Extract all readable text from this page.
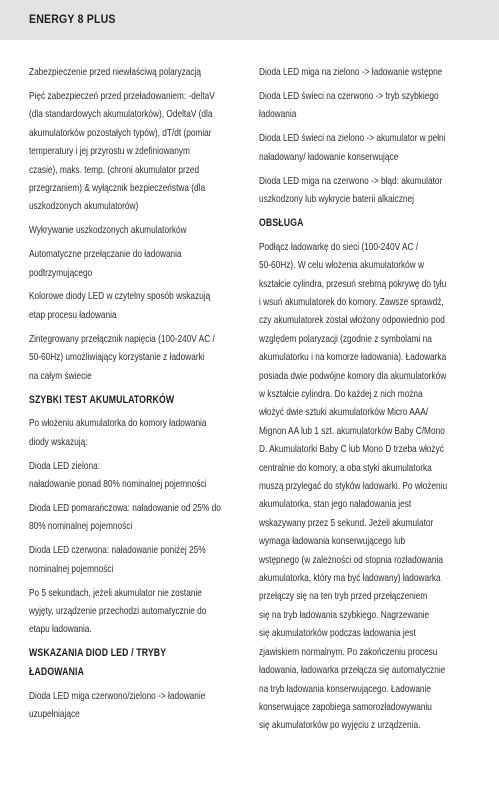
ENERGY 8 PLUS
Zabezpieczenie przed niewłaściwą polaryzacją
Pięć zabezpieczeń przed przeładowaniem: -deltaV
(dla standardowych akumulatorków), OdeltaV (dla
akumulatorków pozostałych typów), dT/dt (pomiar
temperatury i jej przyrostu w zdefiniowanym
czasie), maks. temp. (chroni akumulator przed
przegrzaniem) & wyłącznik bezpieczeństwa (dla
uszkodzonych akumulatorów)
Wykrywanie uszkodzonych akumulatorków
Automatyczne przełączanie do ładowania
podtrzymującego
Kolorowe diody LED w czytelny sposób wskazują
etap procesu ładowania
Zintegrowany przełącznik napięcia (100-240V AC /
50-60Hz) umożliwiający korzystanie z ładowarki
na całym świecie
SZYBKI TEST AKUMULATORKÓW
Po włożeniu akumulatorka do komory ładowania
diody wskazują:
Dioda LED zielona:
naładowanie ponad 80% nominalnej pojemności
Dioda LED pomarańczowa: naładowanie od 25% do
80% nominalnej pojemności
Dioda LED czerwona: naładowanie poniżej 25%
nominalnej pojemności
Po 5 sekundach, jeżeli akumulator nie zostanie
wyjęty, urządzenie przechodzi automatycznie do
etapu ładowania.
WSKAZANIA DIOD LED / TRYBY
ŁADOWANIA
Dioda LED miga czerwono/zielono -> ładowanie
uzupełniające
Dioda LED miga na zielono -> ładowanie wstępne
Dioda LED świeci na czerwono -> tryb szybkiego
ładowania
Dioda LED świeci na zielono -> akumulator w pełni
naładowany/ ładowanie konserwujące
Dioda LED miga na czerwono -> błąd: akumulator
uszkodzony lub wykrycie baterii alkaicznej
OBSŁUGA
Podłącz ładowarkę do sieci (100-240V AC /
50-60Hz). W celu włożenia akumulatorków w
kształcie cylindra, przesuń srebrną pokrywę do tyłu
i wsuń akumulatorek do komory. Zawsze sprawdź,
czy akumulatorek został włożony odpowiednio pod
względem polaryzacji (zgodnie z symbolami na
akumulatorku i na komorze ładowania). Ładowarka
posiada dwie podwójne komory dla akumulatorków
w kształcie cylindra. Do każdej z nich można
włożyć dwie sztuki akumulatorków Micro AAA/
Mignon AA lub 1 szt. akumulatorków Baby C/Mono
D. Akumulatorki Baby C lub Mono D trzeba włożyć
centralnie do komory, a oba styki akumulatorka
muszą przylegać do styków ładowarki. Po włożeniu
akumulatorka, stan jego naładowania jest
wskazywany przez 5 sekund. Jeżeli akumulator
wymaga ładowania konserwującego lub
wstępnego (w zależności od stopnia rozładowania
akumulatorka, który ma być ładowany) ładowarka
przełączy się na ten tryb przed przełączeniem
się na tryb ładowania szybkiego. Nagrzewanie
się akumulatorków podczas ładowania jest
zjawiskiem normalnym. Po zakończeniu procesu
ładowania, ładowarka przełącza się automatycznie
na tryb ładowania konserwującego. Ładowanie
konserwujące zapobiega samorozładowywaniu
się akumulatorków po wyjęciu z urządzenia.
